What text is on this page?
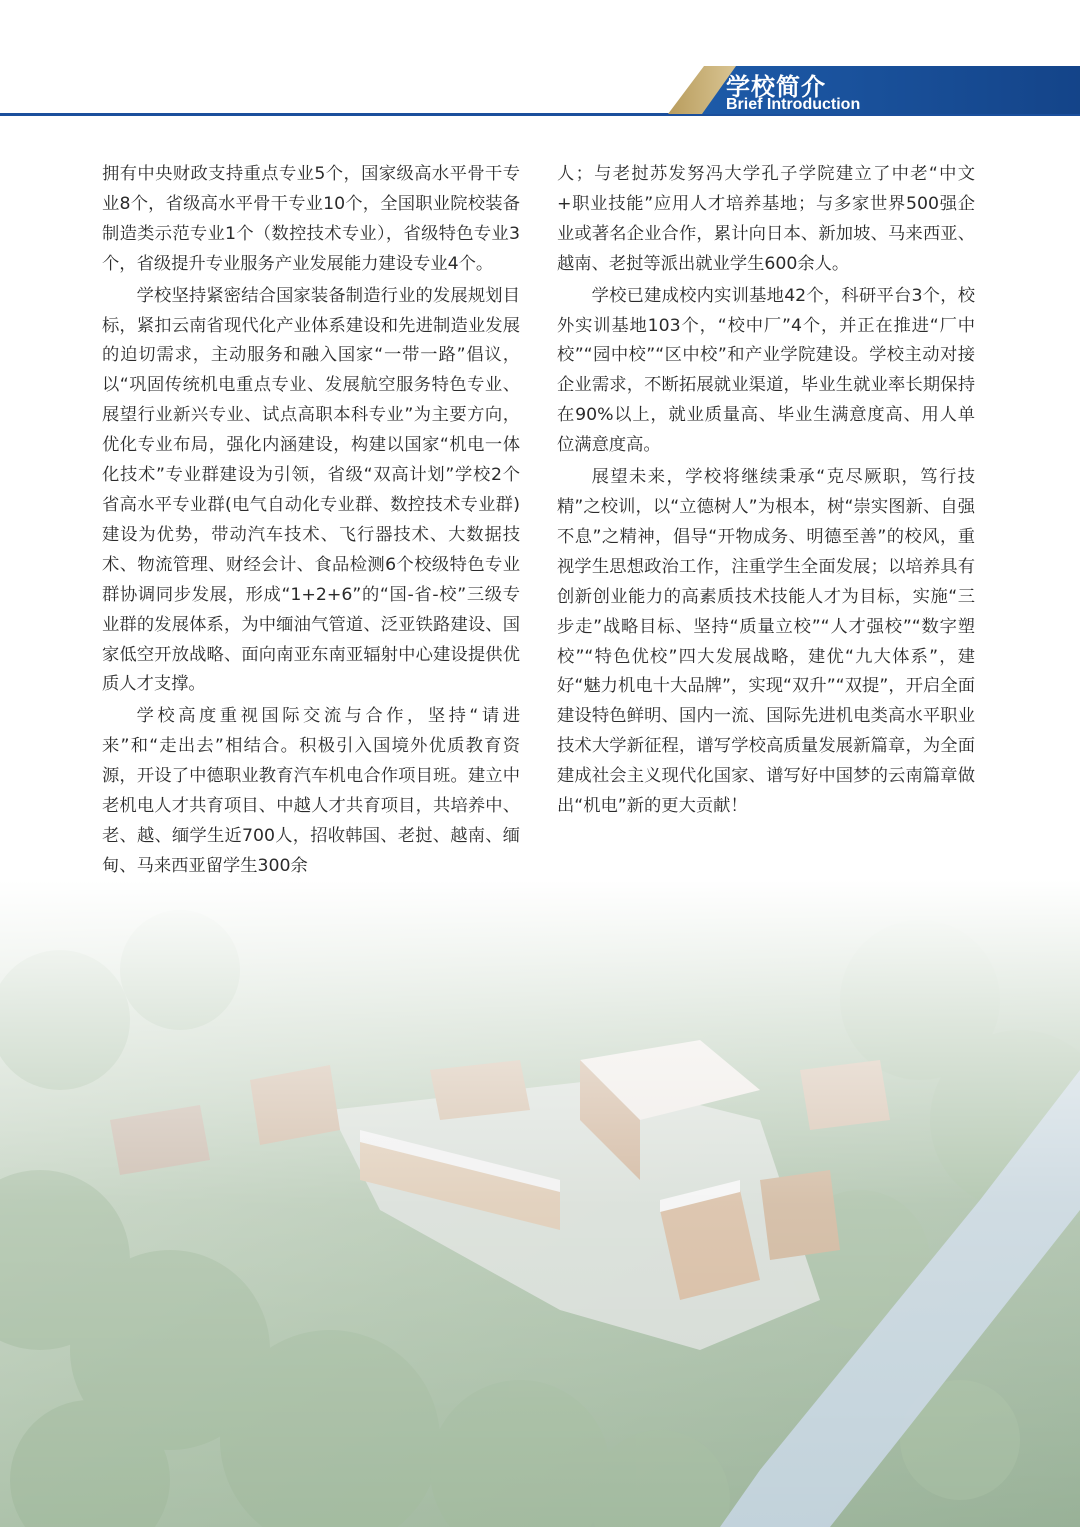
学校简介
Brief Introduction

拥有中央财政支持重点专业5个，国家级高水平骨干专业8个，省级高水平骨干专业10个，全国职业院校装备制造类示范专业1个（数控技术专业），省级特色专业3个，省级提升专业服务产业发展能力建设专业4个。

学校坚持紧密结合国家装备制造行业的发展规划目标，紧扣云南省现代化产业体系建设和先进制造业发展的迫切需求，主动服务和融入国家“一带一路”倡议，以“巩固传统机电重点专业、发展航空服务特色专业、展望行业新兴专业、试点高职本科专业”为主要方向，优化专业布局，强化内涵建设，构建以国家“机电一体化技术”专业群建设为引领，省级“双高计划”学校2个省高水平专业群(电气自动化专业群、数控技术专业群)建设为优势，带动汽车技术、飞行器技术、大数据技术、物流管理、财经会计、食品检测6个校级特色专业群协调同步发展，形成“1+2+6”的“国-省-校”三级专业群的发展体系，为中缅油气管道、泛亚铁路建设、国家低空开放战略、面向南亚东南亚辐射中心建设提供优质人才支撑。

学校高度重视国际交流与合作，坚持“请进来”和“走出去”相结合。积极引入国境外优质教育资源，开设了中德职业教育汽车机电合作项目班。建立中老机电人才共育项目、中越人才共育项目，共培养中、老、越、缅学生近700人，招收韩国、老挝、越南、缅甸、马来西亚留学生300余

人；与老挝苏发努冯大学孔子学院建立了中老“中文+职业技能”应用人才培养基地；与多家世界500强企业或著名企业合作，累计向日本、新加坡、马来西亚、越南、老挝等派出就业学生600余人。

学校已建成校内实训基地42个，科研平台3个，校外实训基地103个，“校中厂”4个，并正在推进“厂中校”“园中校”“区中校”和产业学院建设。学校主动对接企业需求，不断拓展就业渠道，毕业生就业率长期保持在90%以上，就业质量高、毕业生满意度高、用人单位满意度高。

展望未来，学校将继续秉承“克尽厥职，笃行技精”之校训，以“立德树人”为根本，树“崇实图新、自强不息”之精神，倡导“开物成务、明德至善”的校风，重视学生思想政治工作，注重学生全面发展；以培养具有创新创业能力的高素质技术技能人才为目标，实施“三步走”战略目标、坚持“质量立校”“人才强校”“数字塑校”“特色优校”四大发展战略，建优“九大体系”，建好“魅力机电十大品牌”，实现“双升”“双提”，开启全面建设特色鲜明、国内一流、国际先进机电类高水平职业技术大学新征程，谱写学校高质量发展新篇章，为全面建成社会主义现代化国家、谱写好中国梦的云南篇章做出“机电”新的更大贡献！
